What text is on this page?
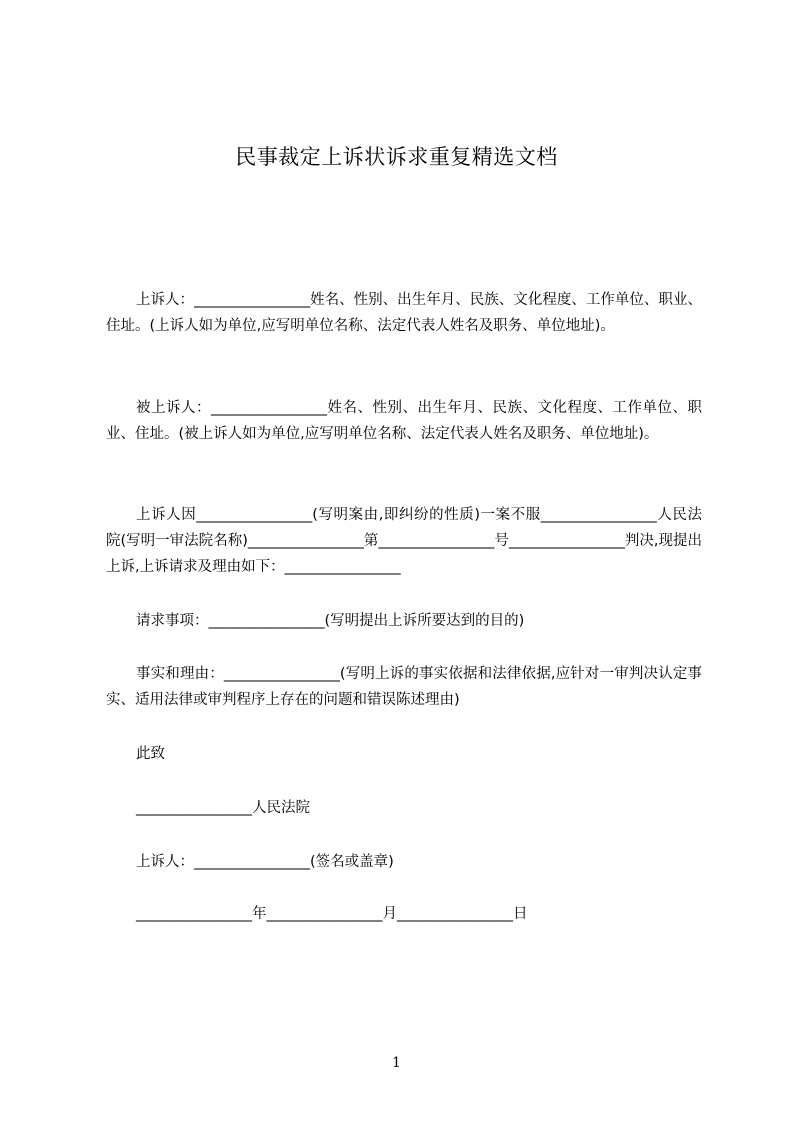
民事裁定上诉状诉求重复精选文档

上诉人：________________姓名、性别、出生年月、民族、文化程度、工作单位、职业、住址。(上诉人如为单位,应写明单位名称、法定代表人姓名及职务、单位地址)。

被上诉人：________________姓名、性别、出生年月、民族、文化程度、工作单位、职业、住址。(被上诉人如为单位,应写明单位名称、法定代表人姓名及职务、单位地址)。

上诉人因________________(写明案由,即纠纷的性质)一案不服________________人民法院(写明一审法院名称)________________第________________号________________判决,现提出上诉,上诉请求及理由如下：________________

请求事项：________________(写明提出上诉所要达到的目的)

事实和理由：________________(写明上诉的事实依据和法律依据,应针对一审判决认定事实、适用法律或审判程序上存在的问题和错误陈述理由)

此致

________________人民法院

上诉人：________________(签名或盖章)

________________年________________月________________日

1
